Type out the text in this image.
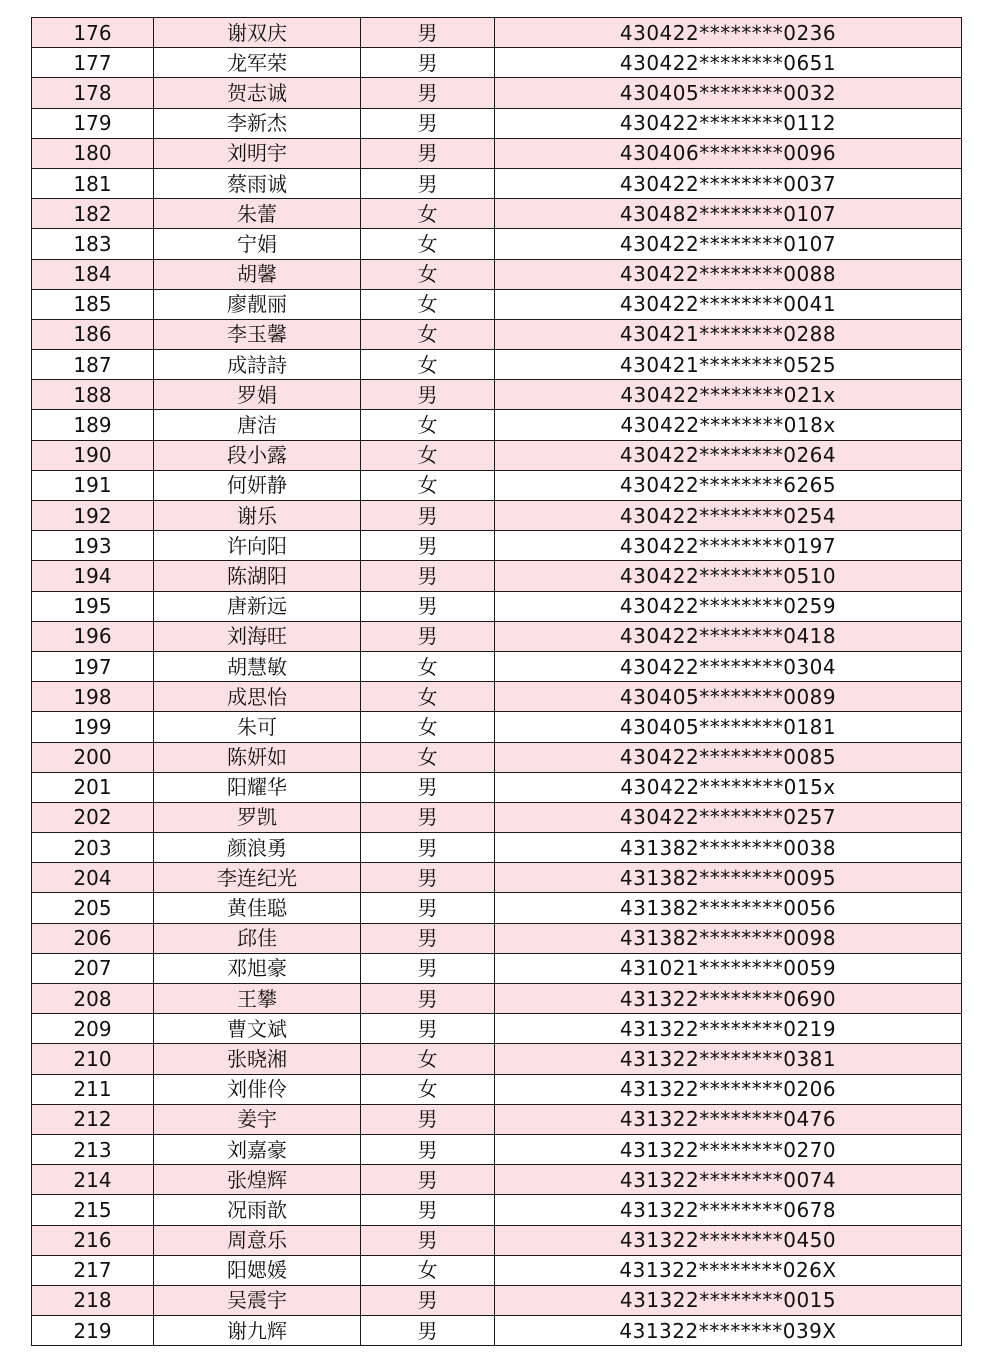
176	谢双庆	男	430422********0236
177	龙军荣	男	430422********0651
178	贺志诚	男	430405********0032
179	李新杰	男	430422********0112
180	刘明宇	男	430406********0096
181	蔡雨诚	男	430422********0037
182	朱蕾	女	430482********0107
183	宁娟	女	430422********0107
184	胡馨	女	430422********0088
185	廖靓丽	女	430422********0041
186	李玉馨	女	430421********0288
187	成詩詩	女	430421********0525
188	罗娟	男	430422********021x
189	唐洁	女	430422********018x
190	段小露	女	430422********0264
191	何妍静	女	430422********6265
192	谢乐	男	430422********0254
193	许向阳	男	430422********0197
194	陈湖阳	男	430422********0510
195	唐新远	男	430422********0259
196	刘海旺	男	430422********0418
197	胡慧敏	女	430422********0304
198	成思怡	女	430405********0089
199	朱可	女	430405********0181
200	陈妍如	女	430422********0085
201	阳耀华	男	430422********015x
202	罗凯	男	430422********0257
203	颜浪勇	男	431382********0038
204	李连纪光	男	431382********0095
205	黄佳聪	男	431382********0056
206	邱佳	男	431382********0098
207	邓旭豪	男	431021********0059
208	王攀	男	431322********0690
209	曹文斌	男	431322********0219
210	张晓湘	女	431322********0381
211	刘俳伶	女	431322********0206
212	姜宇	男	431322********0476
213	刘嘉豪	男	431322********0270
214	张煌辉	男	431322********0074
215	况雨歆	男	431322********0678
216	周意乐	男	431322********0450
217	阳媤媛	女	431322********026X
218	吴震宇	男	431322********0015
219	谢九辉	男	431322********039X
